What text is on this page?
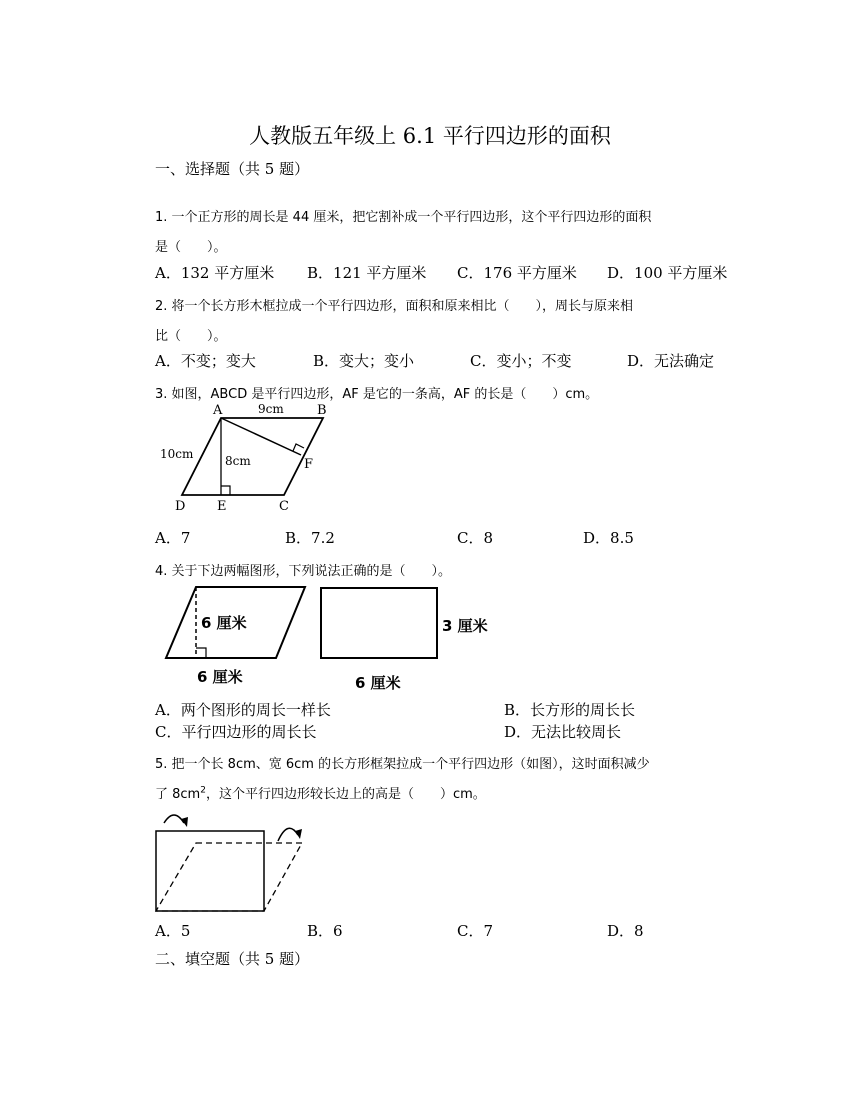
人教版五年级上 6.1 平行四边形的面积
一、选择题（共 5 题）
1. 一个正方形的周长是 44 厘米，把它割补成一个平行四边形，这个平行四边形的面积
是（　　）。
A．132 平方厘米 B．121 平方厘米 C．176 平方厘米 D．100 平方厘米
2. 将一个长方形木框拉成一个平行四边形，面积和原来相比（　　），周长与原来相
比（　　）。
A．不变；变大	B．变大；变小	C．变小；不变	D．无法确定
3. 如图，ABCD 是平行四边形，AF 是它的一条高，AF 的长是（　　）cm。
A	B
C
D E
F
9cm
10cm	8cm
A．7	B．7.2	C．8	D．8.5
4. 关于下边两幅图形，下列说法正确的是（　　）。
6 厘米
6 厘米
3 厘米
6 厘米
A．两个图形的周长一样长	B．长方形的周长长
C．平行四边形的周长长	D．无法比较周长
5. 把一个长 8cm、宽 6cm 的长方形框架拉成一个平行四边形（如图），这时面积减少
了 $8cm^2$，这个平行四边形较长边上的高是（　　）cm。
A．5	B．6	C．7	D．8
二、填空题（共 5 题）
